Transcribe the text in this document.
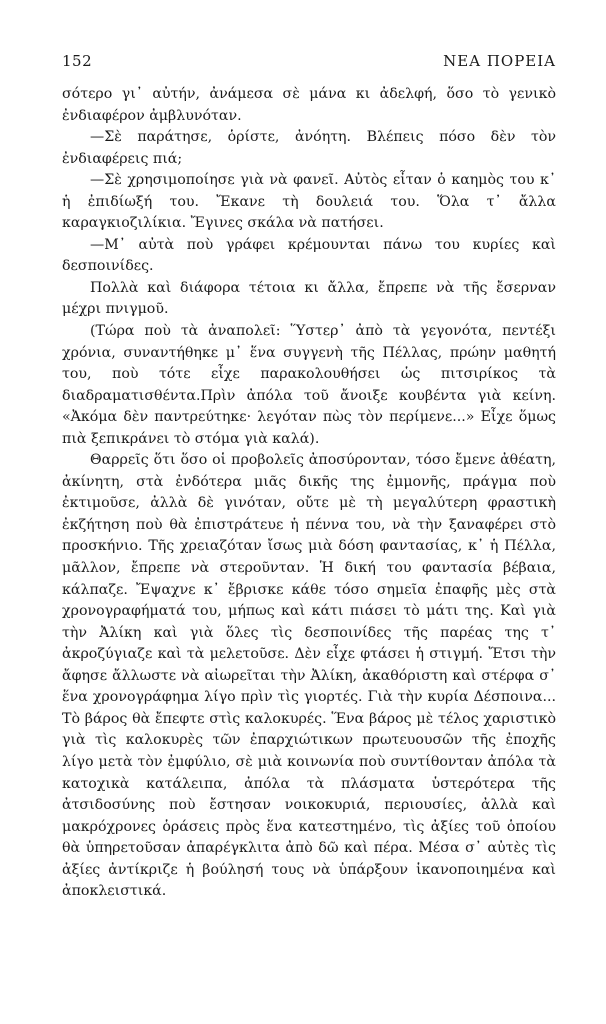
152	ΝΕΑ ΠΟΡΕΙΑ

σότερο γι᾽ αὐτήν, ἀνάμεσα σὲ μάνα κι ἀδελφή, ὅσο τὸ γενικὸ ἐνδιαφέρον ἀμβλυνόταν.

—Σὲ παράτησε, ὁρίστε, ἀνόητη. Βλέπεις πόσο δὲν τὸν ἐνδιαφέρεις πιά;

—Σὲ χρησιμοποίησε γιὰ νὰ φανεῖ. Αὐτὸς εἶταν ὁ καημὸς του κ᾽ ἡ ἐπιδίωξή του. Ἔκανε τὴ δουλειά του. Ὅλα τ᾽ ἄλλα καραγκιοζιλίκια. Ἔγινες σκάλα νὰ πατήσει.

—Μ᾽ αὐτὰ ποὺ γράφει κρέμουνται πάνω του κυρίες καὶ δεσποινίδες.

Πολλὰ καὶ διάφορα τέτοια κι ἄλλα, ἔπρεπε νὰ τῆς ἔσερναν μέχρι πνιγμοῦ.

(Τώρα ποὺ τὰ ἀναπολεῖ: Ὕστερ᾽ ἀπὸ τὰ γεγονότα, πεντέξι χρόνια, συναντήθηκε μ᾽ ἕνα συγγενὴ τῆς Πέλλας, πρώην μαθητή του, ποὺ τότε εἶχε παρακολουθήσει ὡς πιτσιρίκος τὰ διαδραματισθέντα.Πρὶν ἀπόλα τοῦ ἄνοιξε κουβέντα γιὰ κείνη. «Ἀκόμα δὲν παντρεύτηκε· λεγόταν πὼς τὸν περίμενε...» Εἶχε ὅμως πιὰ ξεπικράνει τὸ στόμα γιὰ καλά).

Θαρρεῖς ὅτι ὅσο οἱ προβολεῖς ἀποσύρονταν, τόσο ἔμενε ἀθέατη, ἀκίνητη, στὰ ἐνδότερα μιᾶς δικῆς της ἐμμονῆς, πράγμα ποὺ ἐκτιμοῦσε, ἀλλὰ δὲ γινόταν, οὔτε μὲ τὴ μεγαλύτερη φραστικὴ ἐκζήτηση ποὺ θὰ ἐπιστράτευε ἡ πέννα του, νὰ τὴν ξαναφέρει στὸ προσκήνιο. Τῆς χρειαζόταν ἴσως μιὰ δόση φαντασίας, κ᾽ ἡ Πέλλα, μᾶλλον, ἔπρεπε νὰ στεροῦνταν. Ἡ δική του φαντασία βέβαια, κάλπαζε. Ἔψαχνε κ᾽ ἔβρισκε κάθε τόσο σημεῖα ἐπαφῆς μὲς στὰ χρονογραφήματά του, μήπως καὶ κάτι πιάσει τὸ μάτι της. Καὶ γιὰ τὴν Ἀλίκη καὶ γιὰ ὅλες τὶς δεσποινίδες τῆς παρέας της τ᾽ ἀκροζύγιαζε καὶ τὰ μελετοῦσε. Δὲν εἶχε φτάσει ἡ στιγμή. Ἔτσι τὴν ἄφησε ἄλλωστε νὰ αἰωρεῖται τὴν Ἀλίκη, ἀκαθόριστη καὶ στέρφα σ᾽ ἕνα χρονογράφημα λίγο πρὶν τὶς γιορτές. Γιὰ τὴν κυρία Δέσποινα... Τὸ βάρος θὰ ἔπεφτε στὶς καλοκυρές. Ἕνα βάρος μὲ τέλος χαριστικὸ γιὰ τὶς καλοκυρὲς τῶν ἐπαρχιώτικων πρωτευουσῶν τῆς ἐποχῆς λίγο μετὰ τὸν ἐμφύλιο, σὲ μιὰ κοινωνία ποὺ συντίθονταν ἀπόλα τὰ κατοχικὰ κατάλειπα, ἀπόλα τὰ πλάσματα ὑστερότερα τῆς ἀτσιδοσύνης ποὺ ἔστησαν νοικοκυριά, περιουσίες, ἀλλὰ καὶ μακρόχρονες ὁράσεις πρὸς ἕνα κατεστημένο, τὶς ἀξίες τοῦ ὁποίου θὰ ὑπηρετοῦσαν ἀπαρέγκλιτα ἀπὸ δῶ καὶ πέρα. Μέσα σ᾽ αὐτὲς τὶς ἀξίες ἀντίκριζε ἡ βούλησή τους νὰ ὑπάρξουν ἱκανοποιημένα καὶ ἀποκλειστικά.
